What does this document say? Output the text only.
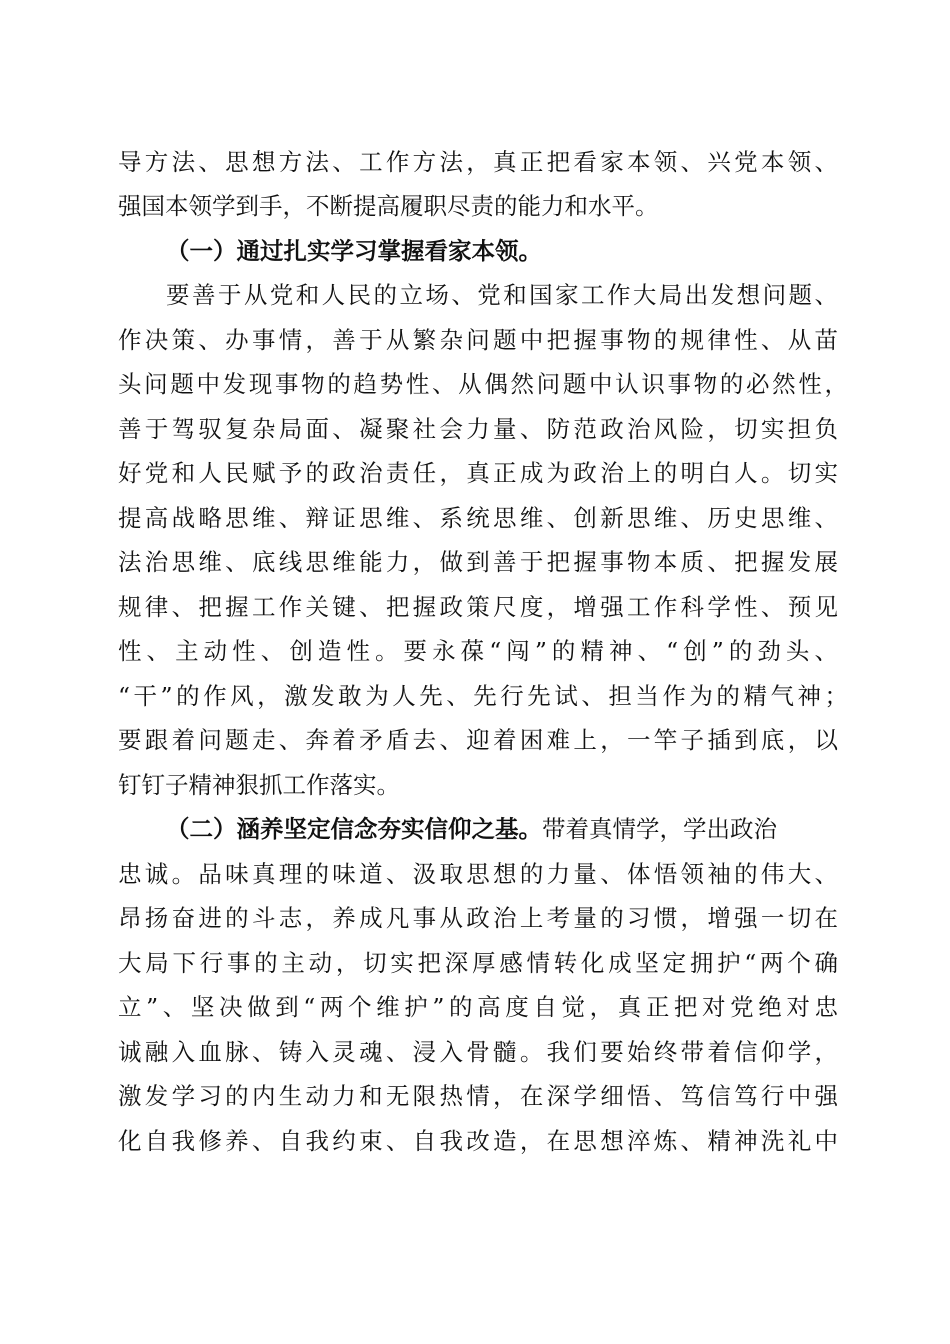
导方法、思想方法、工作方法，真正把看家本领、兴党本领、
强国本领学到手，不断提高履职尽责的能力和水平。
（一）通过扎实学习掌握看家本领。
要善于从党和人民的立场、党和国家工作大局出发想问题、
作决策、办事情，善于从繁杂问题中把握事物的规律性、从苗
头问题中发现事物的趋势性、从偶然问题中认识事物的必然性，
善于驾驭复杂局面、凝聚社会力量、防范政治风险，切实担负
好党和人民赋予的政治责任，真正成为政治上的明白人。切实
提高战略思维、辩证思维、系统思维、创新思维、历史思维、
法治思维、底线思维能力，做到善于把握事物本质、把握发展
规律、把握工作关键、把握政策尺度，增强工作科学性、预见
性、主动性、创造性。要永葆“闯”的精神、“创”的劲头、
“干”的作风，激发敢为人先、先行先试、担当作为的精气神；
要跟着问题走、奔着矛盾去、迎着困难上，一竿子插到底，以
钉钉子精神狠抓工作落实。
（二）涵养坚定信念夯实信仰之基。带着真情学，学出政治
忠诚。品味真理的味道、汲取思想的力量、体悟领袖的伟大、
昂扬奋进的斗志，养成凡事从政治上考量的习惯，增强一切在
大局下行事的主动，切实把深厚感情转化成坚定拥护“两个确
立”、坚决做到“两个维护”的高度自觉，真正把对党绝对忠
诚融入血脉、铸入灵魂、浸入骨髓。我们要始终带着信仰学，
激发学习的内生动力和无限热情，在深学细悟、笃信笃行中强
化自我修养、自我约束、自我改造，在思想淬炼、精神洗礼中
